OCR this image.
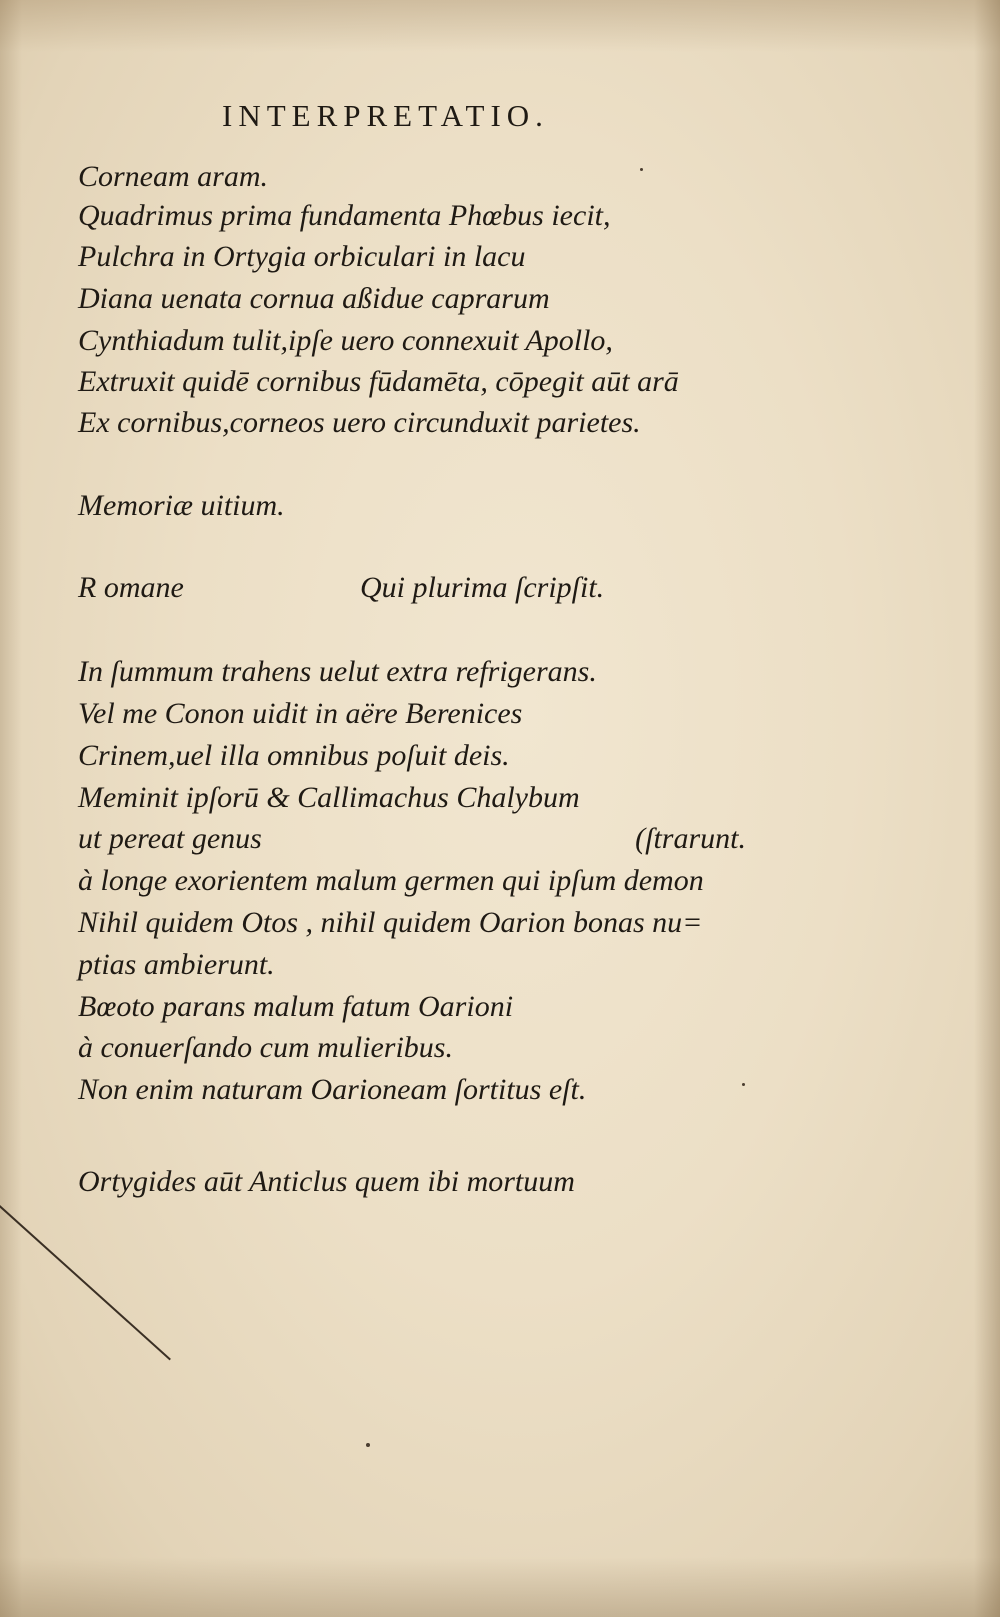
INTERPRETATIO.
Corneam aram.
Quadrimus prima fundamenta Phœbus iecit,
Pulchra in Ortygia orbiculari in lacu
Diana uenata cornua aßidue caprarum
Cynthiadum tulit,ipſe uero connexuit Apollo,
Extruxit quidē cornibus fūdamēta, cōpegit aūt arā
Ex cornibus,corneos uero circunduxit parietes.
Memoriæ uitium.
R omane	Qui plurima ſcripſit.
In ſummum trahens uelut extra refrigerans.
Vel me Conon uidit in aëre Berenices
Crinem,uel illa omnibus poſuit deis.
Meminit ipſorū & Callimachus Chalybum
ut pereat genus	(ſtrarunt.
à longe exorientem malum germen qui ipſum demon
Nihil quidem Otos , nihil quidem Oarion bonas nu=
ptias ambierunt.
Bœoto parans malum fatum Oarioni
à conuerſando cum mulieribus.
Non enim naturam Oarioneam ſortitus eſt.
Ortygides aūt Anticlus quem ibi mortuum
